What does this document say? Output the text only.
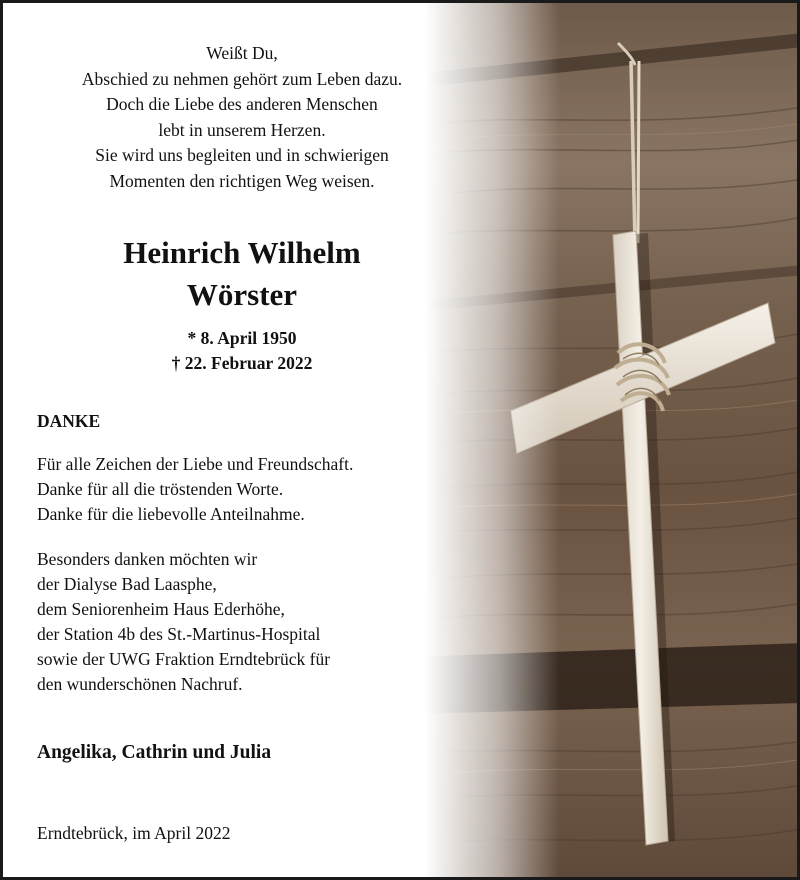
Weißt Du,
Abschied zu nehmen gehört zum Leben dazu.
Doch die Liebe des anderen Menschen
lebt in unserem Herzen.
Sie wird uns begleiten und in schwierigen
Momenten den richtigen Weg weisen.
Heinrich Wilhelm
Wörster
* 8. April 1950
† 22. Februar 2022
DANKE
Für alle Zeichen der Liebe und Freundschaft.
Danke für all die tröstenden Worte.
Danke für die liebevolle Anteilnahme.
Besonders danken möchten wir
der Dialyse Bad Laasphe,
dem Seniorenheim Haus Ederhöhe,
der Station 4b des St.-Martinus-Hospital
sowie der UWG Fraktion Erndtebrück für
den wunderschönen Nachruf.
Angelika, Cathrin und Julia
Erndtebrück, im April 2022
